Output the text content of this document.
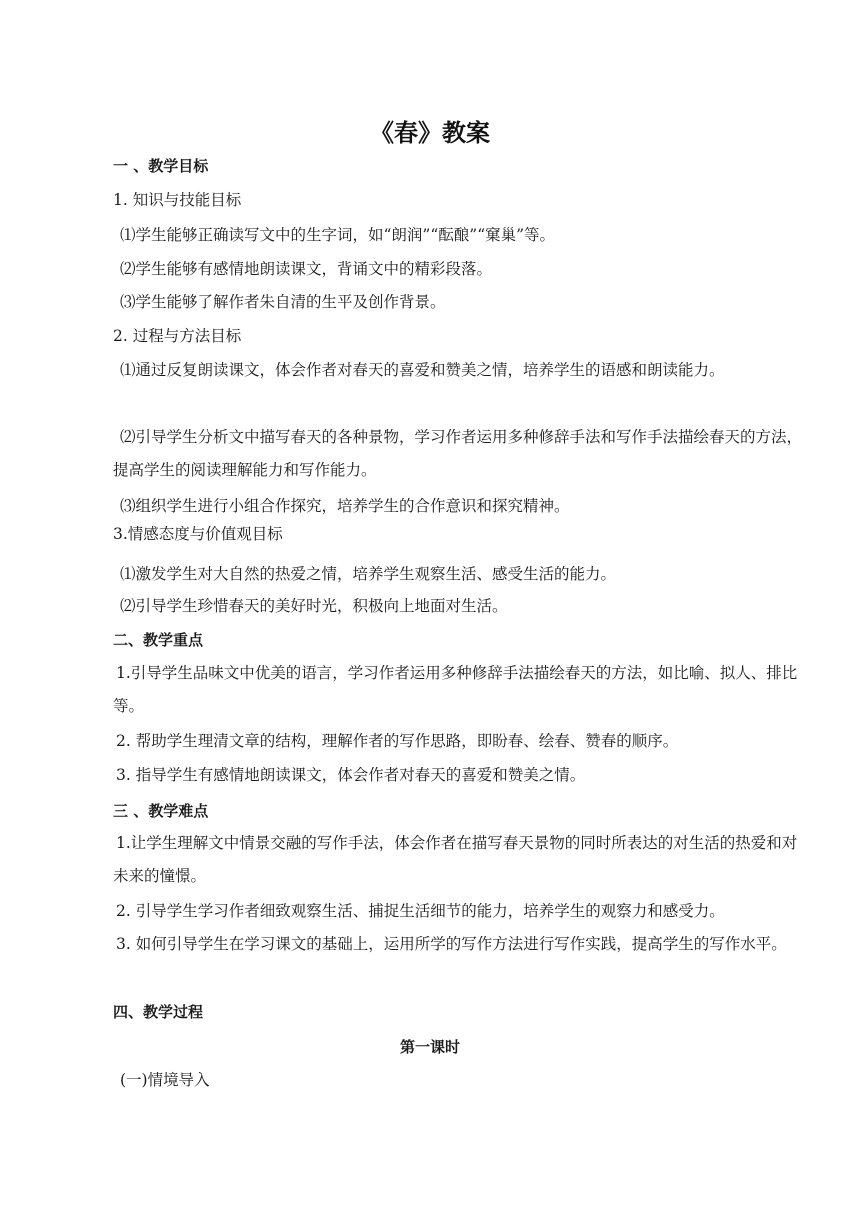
《春》教案

一 、教学目标

1. 知识与技能目标

⑴学生能够正确读写文中的生字词，如“朗润”“酝酿”“窠巢”等。

⑵学生能够有感情地朗读课文，背诵文中的精彩段落。

⑶学生能够了解作者朱自清的生平及创作背景。

2. 过程与方法目标

⑴通过反复朗读课文，体会作者对春天的喜爱和赞美之情，培养学生的语感和朗读能力。

⑵引导学生分析文中描写春天的各种景物，学习作者运用多种修辞手法和写作手法描绘春天的方法，提高学生的阅读理解能力和写作能力。

⑶组织学生进行小组合作探究，培养学生的合作意识和探究精神。

3.情感态度与价值观目标

⑴激发学生对大自然的热爱之情，培养学生观察生活、感受生活的能力。

⑵引导学生珍惜春天的美好时光，积极向上地面对生活。

二、教学重点

1.引导学生品味文中优美的语言，学习作者运用多种修辞手法描绘春天的方法，如比喻、拟人、排比等。

2. 帮助学生理清文章的结构，理解作者的写作思路，即盼春、绘春、赞春的顺序。

3. 指导学生有感情地朗读课文，体会作者对春天的喜爱和赞美之情。

三 、教学难点

1.让学生理解文中情景交融的写作手法，体会作者在描写春天景物的同时所表达的对生活的热爱和对未来的憧憬。

2. 引导学生学习作者细致观察生活、捕捉生活细节的能力，培养学生的观察力和感受力。

3. 如何引导学生在学习课文的基础上，运用所学的写作方法进行写作实践，提高学生的写作水平。

四、教学过程

第一课时

(一)情境导入
